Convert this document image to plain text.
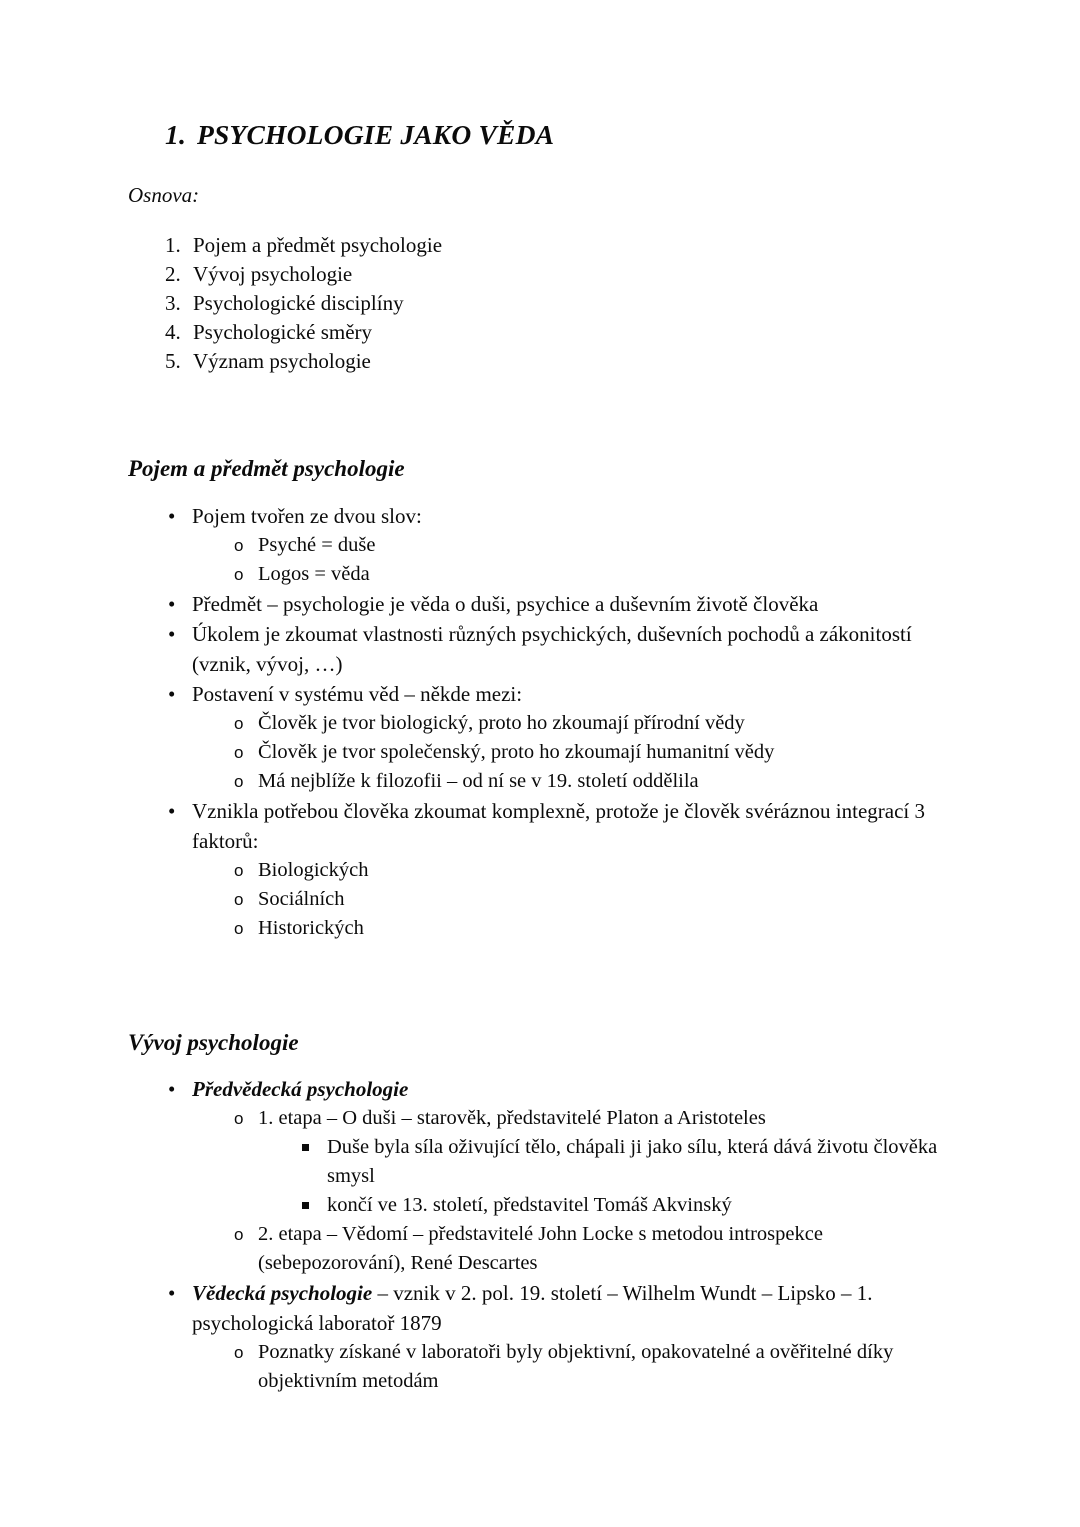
1. PSYCHOLOGIE JAKO VĚDA

Osnova:

1. Pojem a předmět psychologie
2. Vývoj psychologie
3. Psychologické disciplíny
4. Psychologické směry
5. Význam psychologie
Pojem a předmět psychologie
• Pojem tvořen ze dvou slov:
o Psyché = duše
o Logos = věda
• Předmět – psychologie je věda o duši, psychice a duševním životě člověka
• Úkolem je zkoumat vlastnosti různých psychických, duševních pochodů a zákonitostí (vznik, vývoj, …)
• Postavení v systému věd – někde mezi:
o Člověk je tvor biologický, proto ho zkoumají přírodní vědy
o Člověk je tvor společenský, proto ho zkoumají humanitní vědy
o Má nejblíže k filozofii – od ní se v 19. století oddělila
• Vznikla potřebou člověka zkoumat komplexně, protože je člověk svéráznou integrací 3 faktorů:
o Biologických
o Sociálních
o Historických
Vývoj psychologie
• Předvědecká psychologie
o 1. etapa – O duši – starověk, představitelé Platon a Aristoteles
Duše byla síla oživující tělo, chápali ji jako sílu, která dává životu člověka smysl
končí ve 13. století, představitel Tomáš Akvinský
o 2. etapa – Vědomí – představitelé John Locke s metodou introspekce (sebepozorování), René Descartes
• Vědecká psychologie – vznik v 2. pol. 19. století – Wilhelm Wundt – Lipsko – 1. psychologická laboratoř 1879
o Poznatky získané v laboratoři byly objektivní, opakovatelné a ověřitelné díky objektivním metodám
